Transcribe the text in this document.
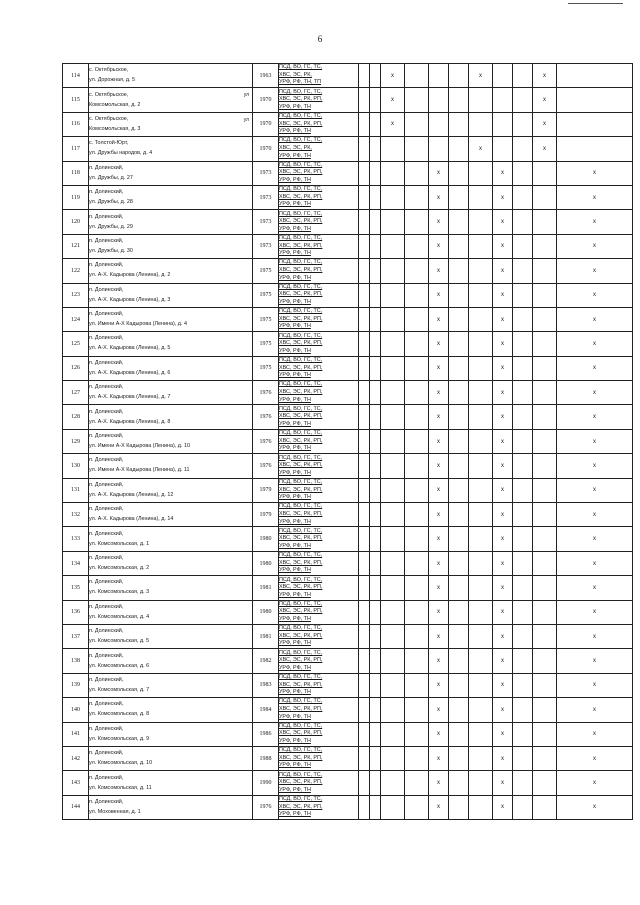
6
114	с. Октябрьское,
ул. Дорожная, д. 5	1963	ПСД, ВО, ГС, ТС,
ХВС, ЭС, РК,
УРФ, РФ, ТН, ТП			x				x			x	
115	с. Октябрьское,
Комсомольская, д. 2
ул	1970	ПСД, ВО, ГС, ТС,
ХВС, ЭС, РК, РП,
УРФ, РФ, ТН			x							x	
116	с. Октябрьское,
Комсомольская, д. 3
ул	1970	ПСД, ВО, ГС, ТС,
ХВС, ЭС, РК, РП,
УРФ, РФ, ТН			x							x	
117	с. Толстой-Юрт,
ул. Дружбы народов, д. 4	1970	ПСД, ВО, ГС, ТС,
ХВС, ЭС, РК,
УРФ, РФ, ТН							x			x	
118	п. Долинский,
ул. Дружбы, д. 27	1973	ПСД, ВО, ГС, ТС,
ХВС, ЭС, РК, РП,
УРФ, РФ, ТН					x			x			x
119	п. Долинский,
ул. Дружбы, д. 28	1973	ПСД, ВО, ГС, ТС,
ХВС, ЭС, РК, РП,
УРФ, РФ, ТН					x			x			x
120	п. Долинский,
ул. Дружбы, д. 29	1973	ПСД, ВО, ГС, ТС,
ХВС, ЭС, РК, РП,
УРФ, РФ, ТН					x			x			x
121	п. Долинский,
ул. Дружбы, д. 30	1973	ПСД, ВО, ГС, ТС,
ХВС, ЭС, РК, РП,
УРФ, РФ, ТН					x			x			x
122	п. Долинский,
ул. А-Х. Кадырова (Ленина), д. 2	1975	ПСД, ВО, ГС, ТС,
ХВС, ЭС, РК, РП,
УРФ, РФ, ТН					x			x			x
123	п. Долинский,
ул. А-Х. Кадырова (Ленина), д. 3	1975	ПСД, ВО, ГС, ТС,
ХВС, ЭС, РК, РП,
УРФ, РФ, ТН					x			x			x
124	п. Долинский,
ул. Имени А-Х Кадырова (Ленина), д. 4	1975	ПСД, ВО, ГС, ТС,
ХВС, ЭС, РК, РП,
УРФ, РФ, ТН					x			x			x
125	п. Долинский,
ул. А-Х. Кадырова (Ленина), д. 5	1975	ПСД, ВО, ГС, ТС,
ХВС, ЭС, РК, РП,
УРФ, РФ, ТН					x			x			x
126	п. Долинский,
ул. А-Х. Кадырова (Ленина), д. 6	1975	ПСД, ВО, ГС, ТС,
ХВС, ЭС, РК, РП,
УРФ, РФ, ТН					x			x			x
127	п. Долинский,
ул. А-Х. Кадырова (Ленина), д. 7	1976	ПСД, ВО, ГС, ТС,
ХВС, ЭС, РК, РП,
УРФ, РФ, ТН					x			x			x
128	п. Долинский,
ул. А-Х. Кадырова (Ленина), д. 8	1976	ПСД, ВО, ГС, ТС,
ХВС, ЭС, РК, РП,
УРФ, РФ, ТН					x			x			x
129	п. Долинский,
ул. Имени А-Х Кадырова (Ленина), д. 10	1976	ПСД, ВО, ГС, ТС,
ХВС, ЭС, РК, РП,
УРФ, РФ, ТН					x			x			x
130	п. Долинский,
ул. Имени А-Х Кадырова (Ленина), д. 11	1976	ПСД, ВО, ГС, ТС,
ХВС, ЭС, РК, РП,
УРФ, РФ, ТН					x			x			x
131	п. Долинский,
ул. А-Х. Кадырова (Ленина), д. 12	1979	ПСД, ВО, ГС, ТС,
ХВС, ЭС, РК, РП,
УРФ, РФ, ТН					x			x			x
132	п. Долинский,
ул. А-Х. Кадырова (Ленина), д. 14	1979	ПСД, ВО, ГС, ТС,
ХВС, ЭС, РК, РП,
УРФ, РФ, ТН					x			x			x
133	п. Долинский,
ул. Комсомольская, д. 1	1980	ПСД, ВО, ГС, ТС,
ХВС, ЭС, РК, РП,
УРФ, РФ, ТН					x			x			x
134	п. Долинский,
ул. Комсомольская, д. 2	1980	ПСД, ВО, ГС, ТС,
ХВС, ЭС, РК, РП,
УРФ, РФ, ТН					x			x			x
135	п. Долинский,
ул. Комсомольская, д. 3	1981	ПСД, ВО, ГС, ТС,
ХВС, ЭС, РК, РП,
УРФ, РФ, ТН					x			x			x
136	п. Долинский,
ул. Комсомольская, д. 4	1980	ПСД, ВО, ГС, ТС,
ХВС, ЭС, РК, РП,
УРФ, РФ, ТН					x			x			x
137	п. Долинский,
ул. Комсомольская, д. 5	1981	ПСД, ВО, ГС, ТС,
ХВС, ЭС, РК, РП,
УРФ, РФ, ТН					x			x			x
138	п. Долинский,
ул. Комсомольская, д. 6	1982	ПСД, ВО, ГС, ТС,
ХВС, ЭС, РК, РП,
УРФ, РФ, ТН					x			x			x
139	п. Долинский,
ул. Комсомольская, д. 7	1983	ПСД, ВО, ГС, ТС,
ХВС, ЭС, РК, РП,
УРФ, РФ, ТН					x			x			x
140	п. Долинский,
ул. Комсомольская, д. 8	1984	ПСД, ВО, ГС, ТС,
ХВС, ЭС, РК, РП,
УРФ, РФ, ТН					x			x			x
141	п. Долинский,
ул. Комсомольская, д. 9	1986	ПСД, ВО, ГС, ТС,
ХВС, ЭС, РК, РП,
УРФ, РФ, ТН					x			x			x
142	п. Долинский,
ул. Комсомольская, д. 10	1988	ПСД, ВО, ГС, ТС,
ХВС, ЭС, РК, РП,
УРФ, РФ, ТН					x			x			x
143	п. Долинский,
ул. Комсомольская, д. 11	1990	ПСД, ВО, ГС, ТС,
ХВС, ЭС, РК, РП,
УРФ, РФ, ТН					x			x			x
144	п. Долинский,
ул. Моховенная, д. 1	1976	ПСД, ВО, ГС, ТС,
ХВС, ЭС, РК, РП,
УРФ, РФ, ТН					x			x			x
